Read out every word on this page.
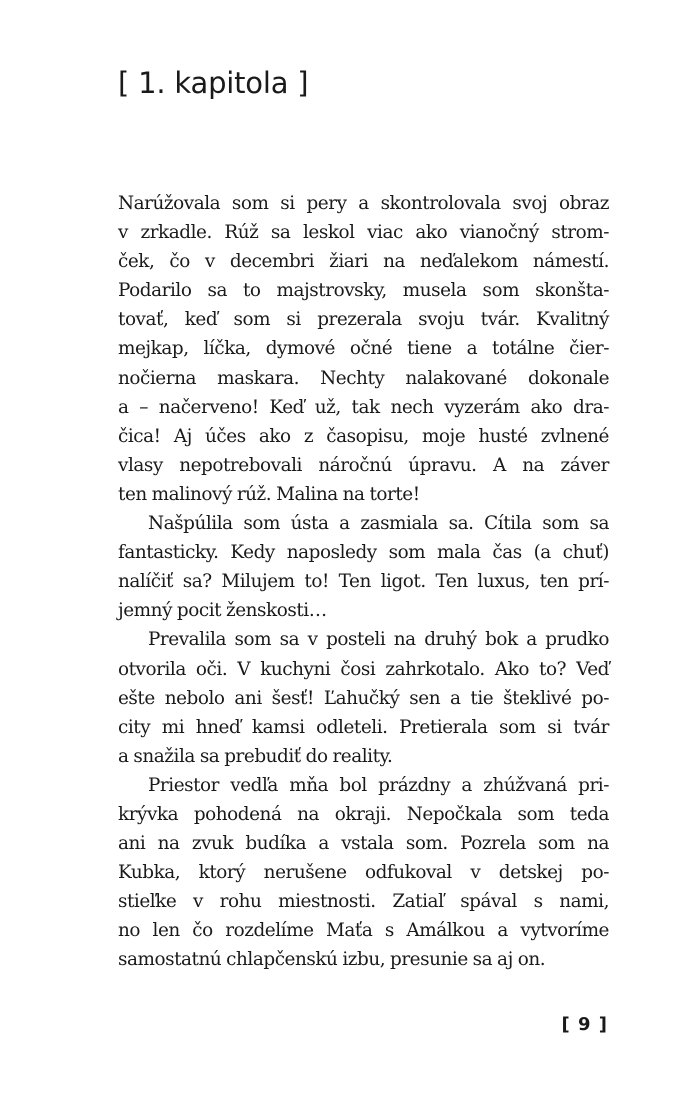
[ 1. kapitola ]
Narúžovala som si pery a skontrolovala svoj obraz
v zrkadle. Rúž sa leskol viac ako vianočný strom-
ček, čo v decembri žiari na neďalekom námestí.
Podarilo sa to majstrovsky, musela som skonšta-
tovať, keď som si prezerala svoju tvár. Kvalitný
mejkap, líčka, dymové očné tiene a totálne čier-
nočierna maskara. Nechty nalakované dokonale
a – načerveno! Keď už, tak nech vyzerám ako dra-
čica! Aj účes ako z časopisu, moje husté zvlnené
vlasy nepotrebovali náročnú úpravu. A na záver
ten malinový rúž. Malina na torte!
Našpúlila som ústa a zasmiala sa. Cítila som sa
fantasticky. Kedy naposledy som mala čas (a chuť)
nalíčiť sa? Milujem to! Ten ligot. Ten luxus, ten prí-
jemný pocit ženskosti…
Prevalila som sa v posteli na druhý bok a prudko
otvorila oči. V kuchyni čosi zahrkotalo. Ako to? Veď
ešte nebolo ani šesť! Ľahučký sen a tie šteklivé po-
city mi hneď kamsi odleteli. Pretierala som si tvár
a snažila sa prebudiť do reality.
Priestor vedľa mňa bol prázdny a zhúžvaná pri-
krývka pohodená na okraji. Nepočkala som teda
ani na zvuk budíka a vstala som. Pozrela som na
Kubka, ktorý nerušene odfukoval v detskej po-
stieľke v rohu miestnosti. Zatiaľ spával s nami,
no len čo rozdelíme Maťa s Amálkou a vytvoríme
samostatnú chlapčenskú izbu, presunie sa aj on.
[ 9 ]
